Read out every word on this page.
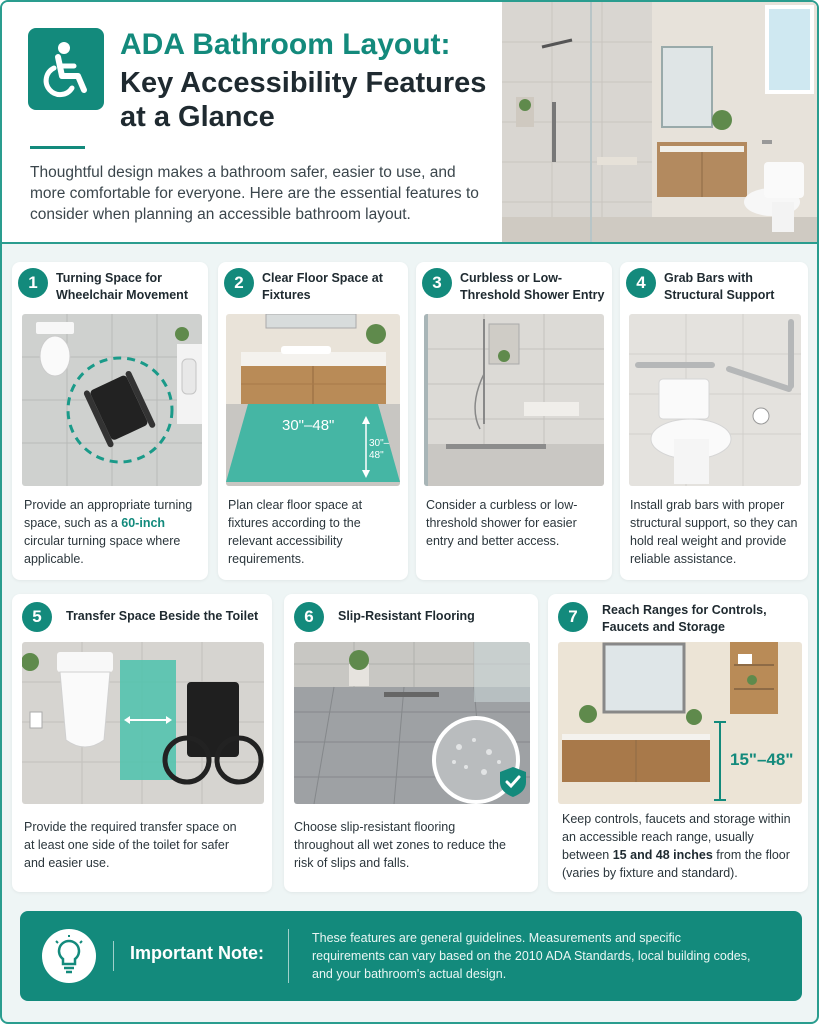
ADA Bathroom Layout:
Key Accessibility Features at a Glance
Thoughtful design makes a bathroom safer, easier to use, and more comfortable for everyone. Here are the essential features to consider when planning an accessible bathroom layout.
1	Turning Space for Wheelchair Movement
Provide an appropriate turning space, such as a 60-inch circular turning space where applicable.
2	Clear Floor Space at Fixtures
30"–48"
30"–48"
Plan clear floor space at fixtures according to the relevant accessibility requirements.
3	Curbless or Low-Threshold Shower Entry
Consider a curbless or low-threshold shower for easier entry and better access.
4	Grab Bars with Structural Support
Install grab bars with proper structural support, so they can hold real weight and provide reliable assistance.
5	Transfer Space Beside the Toilet
Provide the required transfer space on at least one side of the toilet for safer and easier use.
6	Slip-Resistant Flooring
Choose slip-resistant flooring throughout all wet zones to reduce the risk of slips and falls.
7	Reach Ranges for Controls, Faucets and Storage
15"–48"
Keep controls, faucets and storage within an accessible reach range, usually between 15 and 48 inches from the floor (varies by fixture and standard).
Important Note:
These features are general guidelines. Measurements and specific requirements can vary based on the 2010 ADA Standards, local building codes, and your bathroom's actual design.
